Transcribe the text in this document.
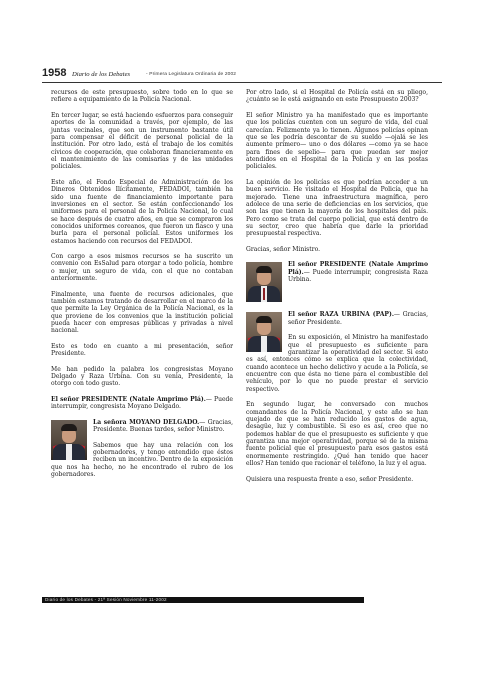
1958 Diario de los Debates	- Primera Legislatura Ordinaria de 2002

recursos de este presupuesto, sobre todo en lo que se refiere a equipamiento de la Policía Nacional.

En tercer lugar, se está haciendo esfuerzos para conseguir aportes de la comunidad a través, por ejemplo, de las juntas vecinales, que son un instrumento bastante útil para compensar el déficit de personal policial de la institución. Por otro lado, está el trabajo de los comités cívicos de cooperación, que colaboran financieramente en el mantenimiento de las comisarías y de las unidades policiales.

Este año, el Fondo Especial de Administración de los Dineros Obtenidos Ilícitamente, FEDADOI, también ha sido una fuente de financiamiento importante para inversiones en el sector. Se están confeccionando los uniformes para el personal de la Policía Nacional, lo cual se hace después de cuatro años, en que se compraron los conocidos uniformes coreanos, que fueron un fiasco y una burla para el personal policial. Estos uniformes los estamos haciendo con recursos del FEDADOI.

Con cargo a esos mismos recursos se ha suscrito un convenio con EsSalud para otorgar a todo policía, hombre o mujer, un seguro de vida, con el que no contaban anteriormente.

Finalmente, una fuente de recursos adicionales, que también estamos tratando de desarrollar en el marco de la que permite la Ley Orgánica de la Policía Nacional, es la que proviene de los convenios que la institución policial pueda hacer con empresas públicas y privadas a nivel nacional.

Esto es todo en cuanto a mi presentación, señor Presidente.

Me han pedido la palabra los congresistas Moyano Delgado y Raza Urbina. Con su venia, Presidente, la otorgo con todo gusto.

El señor PRESIDENTE (Natale Amprimo Plá).— Puede interrumpir, congresista Moyano Delgado.

La señora MOYANO DELGADO.— Gracias, Presidente. Buenas tardes, señor Ministro.

Sabemos que hay una relación con los gobernadores, y tengo entendido que éstos reciben un incentivo. Dentro de la exposición que nos ha hecho, no he encontrado el rubro de los gobernadores.

Por otro lado, si el Hospital de Policía está en su pliego, ¿cuánto se le está asignando en este Presupuesto 2003?

El señor Ministro ya ha manifestado que es importante que los policías cuenten con un seguro de vida, del cual carecían. Felizmente ya lo tienen. Algunos policías opinan que se les podría descontar de su sueldo —ojalá se les aumente primero— uno o dos dólares —como ya se hace para fines de sepelio— para que puedan ser mejor atendidos en el Hospital de la Policía y en las postas policiales.

La opinión de los policías es que podrían acceder a un buen servicio. He visitado el Hospital de Policía, que ha mejorado. Tiene una infraestructura magnífica, pero adolece de una serie de deficiencias en los servicios, que son las que tienen la mayoría de los hospitales del país. Pero como se trata del cuerpo policial, que está dentro de su sector, creo que habría que darle la prioridad presupuestal respectiva.

Gracias, señor Ministro.

El señor PRESIDENTE (Natale Amprimo Plá).— Puede interrumpir, congresista Raza Urbina.

El señor RAZA URBINA (PAP).— Gracias, señor Presidente.

En su exposición, el Ministro ha manifestado que el presupuesto es suficiente para garantizar la operatividad del sector. Si esto es así, entonces cómo se explica que la colectividad, cuando acontece un hecho delictivo y acude a la Policía, se encuentre con que ésta no tiene para el combustible del vehículo, por lo que no puede prestar el servicio respectivo.

En segundo lugar, he conversado con muchos comandantes de la Policía Nacional, y este año se han quejado de que se han reducido los gastos de agua, desagüe, luz y combustible. Si eso es así, creo que no podemos hablar de que el presupuesto es suficiente y que garantiza una mejor operatividad, porque sé de la misma fuente policial que el presupuesto para esos gastos está enormemente restringido. ¿Qué han tenido que hacer ellos? Han tenido que racionar el teléfono, la luz y el agua.

Quisiera una respuesta frente a eso, señor Presidente.

Diario de los Debates - 21ª Sesión Noviembre 11-2002
